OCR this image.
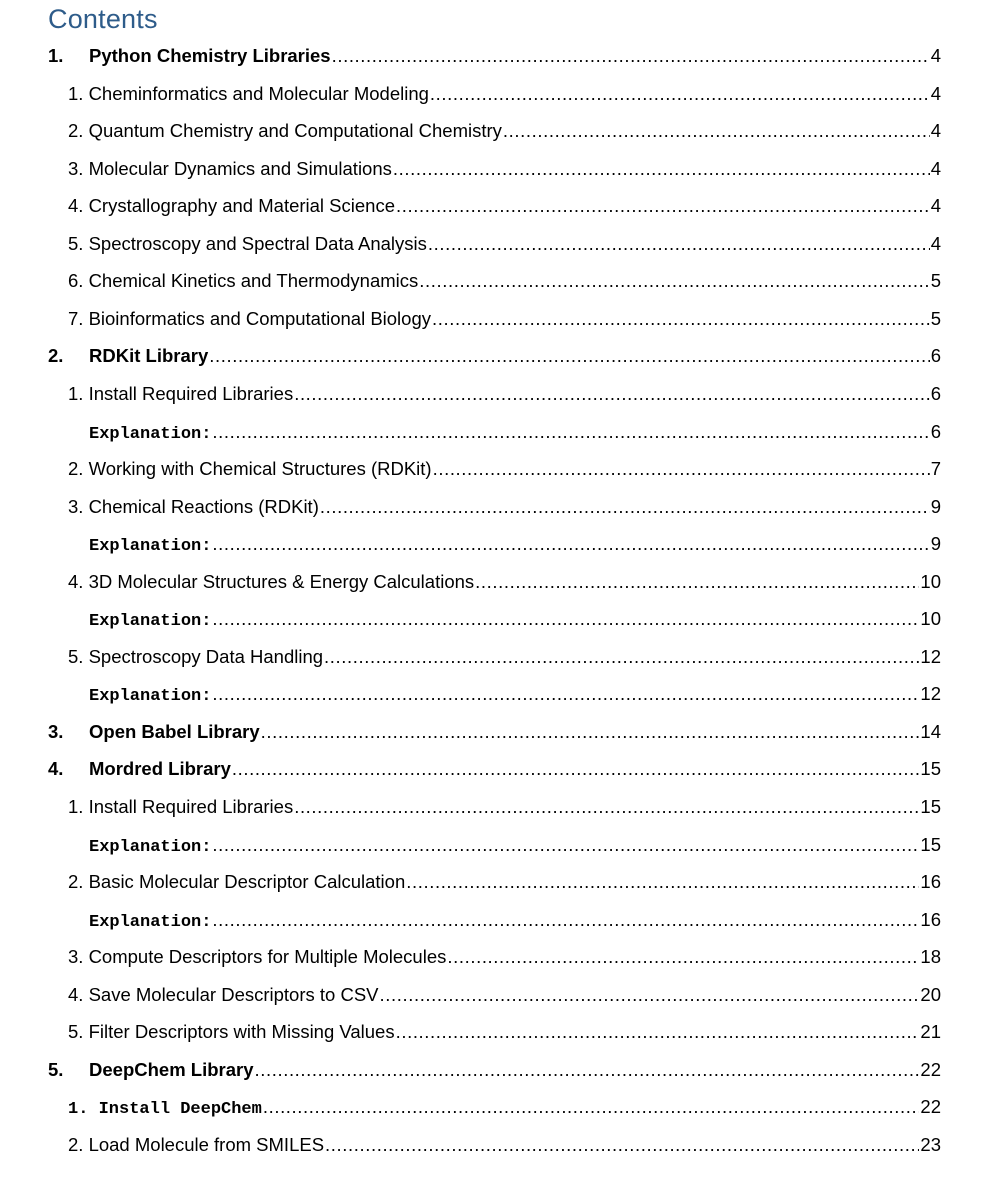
Contents
1. Python Chemistry Libraries .....	4
1. Cheminformatics and Molecular Modeling .....	4
2. Quantum Chemistry and Computational Chemistry .....	4
3. Molecular Dynamics and Simulations .....	4
4. Crystallography and Material Science .....	4
5. Spectroscopy and Spectral Data Analysis .....	4
6. Chemical Kinetics and Thermodynamics .....	5
7. Bioinformatics and Computational Biology .....	5
2. RDKit Library .....	6
1. Install Required Libraries .....	6
Explanation: .....	6
2. Working with Chemical Structures (RDKit) .....	7
3. Chemical Reactions (RDKit) .....	9
Explanation: .....	9
4. 3D Molecular Structures & Energy Calculations .....	10
Explanation: .....	10
5. Spectroscopy Data Handling .....	12
Explanation: .....	12
3. Open Babel Library .....	14
4. Mordred Library .....	15
1. Install Required Libraries .....	15
Explanation: .....	15
2. Basic Molecular Descriptor Calculation .....	16
Explanation: .....	16
3. Compute Descriptors for Multiple Molecules .....	18
4. Save Molecular Descriptors to CSV .....	20
5. Filter Descriptors with Missing Values .....	21
5. DeepChem Library .....	22
1. Install DeepChem .....	22
2. Load Molecule from SMILES .....	23
